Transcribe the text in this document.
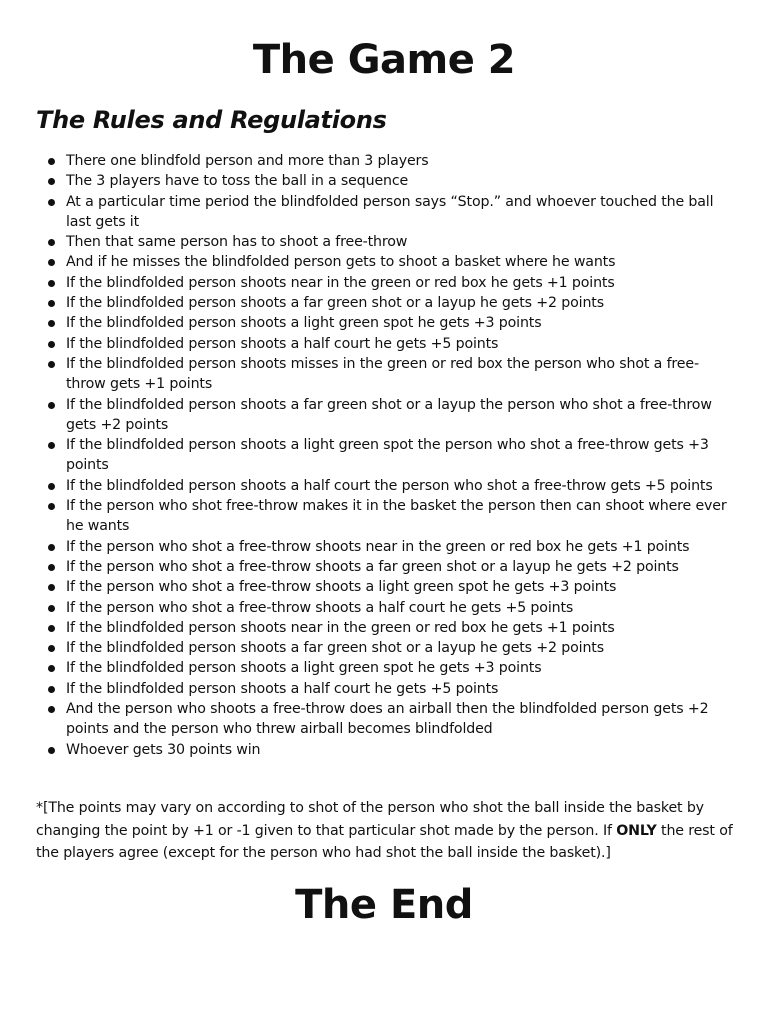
The Game 2
The Rules and Regulations
There one blindfold person and more than 3 players
The 3 players have to toss the ball in a sequence
At a particular time period the blindfolded person says “Stop.” and whoever touched the ball last gets it
Then that same person has to shoot a free-throw
And if he misses the blindfolded person gets to shoot a basket where he wants
If the blindfolded person shoots near in the green or red box he gets +1 points
If the blindfolded person shoots a far green shot or a layup he gets +2 points
If the blindfolded person shoots a light green spot he gets +3 points
If the blindfolded person shoots a half court he gets +5 points
If the blindfolded person shoots misses in the green or red box the person who shot a free-throw gets +1 points
If the blindfolded person shoots a far green shot or a layup the person who shot a free-throw gets +2 points
If the blindfolded person shoots a light green spot the person who shot a free-throw gets +3 points
If the blindfolded person shoots a half court the person who shot a free-throw gets +5 points
If the person who shot free-throw makes it in the basket the person then can shoot where ever he wants
If the person who shot a free-throw shoots near in the green or red box he gets +1 points
If the person who shot a free-throw shoots a far green shot or a layup he gets +2 points
If the person who shot a free-throw shoots a light green spot he gets +3 points
If the person who shot a free-throw shoots a half court he gets +5 points
If the blindfolded person shoots near in the green or red box he gets +1 points
If the blindfolded person shoots a far green shot or a layup he gets +2 points
If the blindfolded person shoots a light green spot he gets +3 points
If the blindfolded person shoots a half court he gets +5 points
And the person who shoots a free-throw does an airball then the blindfolded person gets +2 points and the person who threw airball becomes blindfolded
Whoever gets 30 points win

*[The points may vary on according to shot of the person who shot the ball inside the basket by changing the point by +1 or -1 given to that particular shot made by the person. If ONLY the rest of the players agree (except for the person who had shot the ball inside the basket).]

The End
